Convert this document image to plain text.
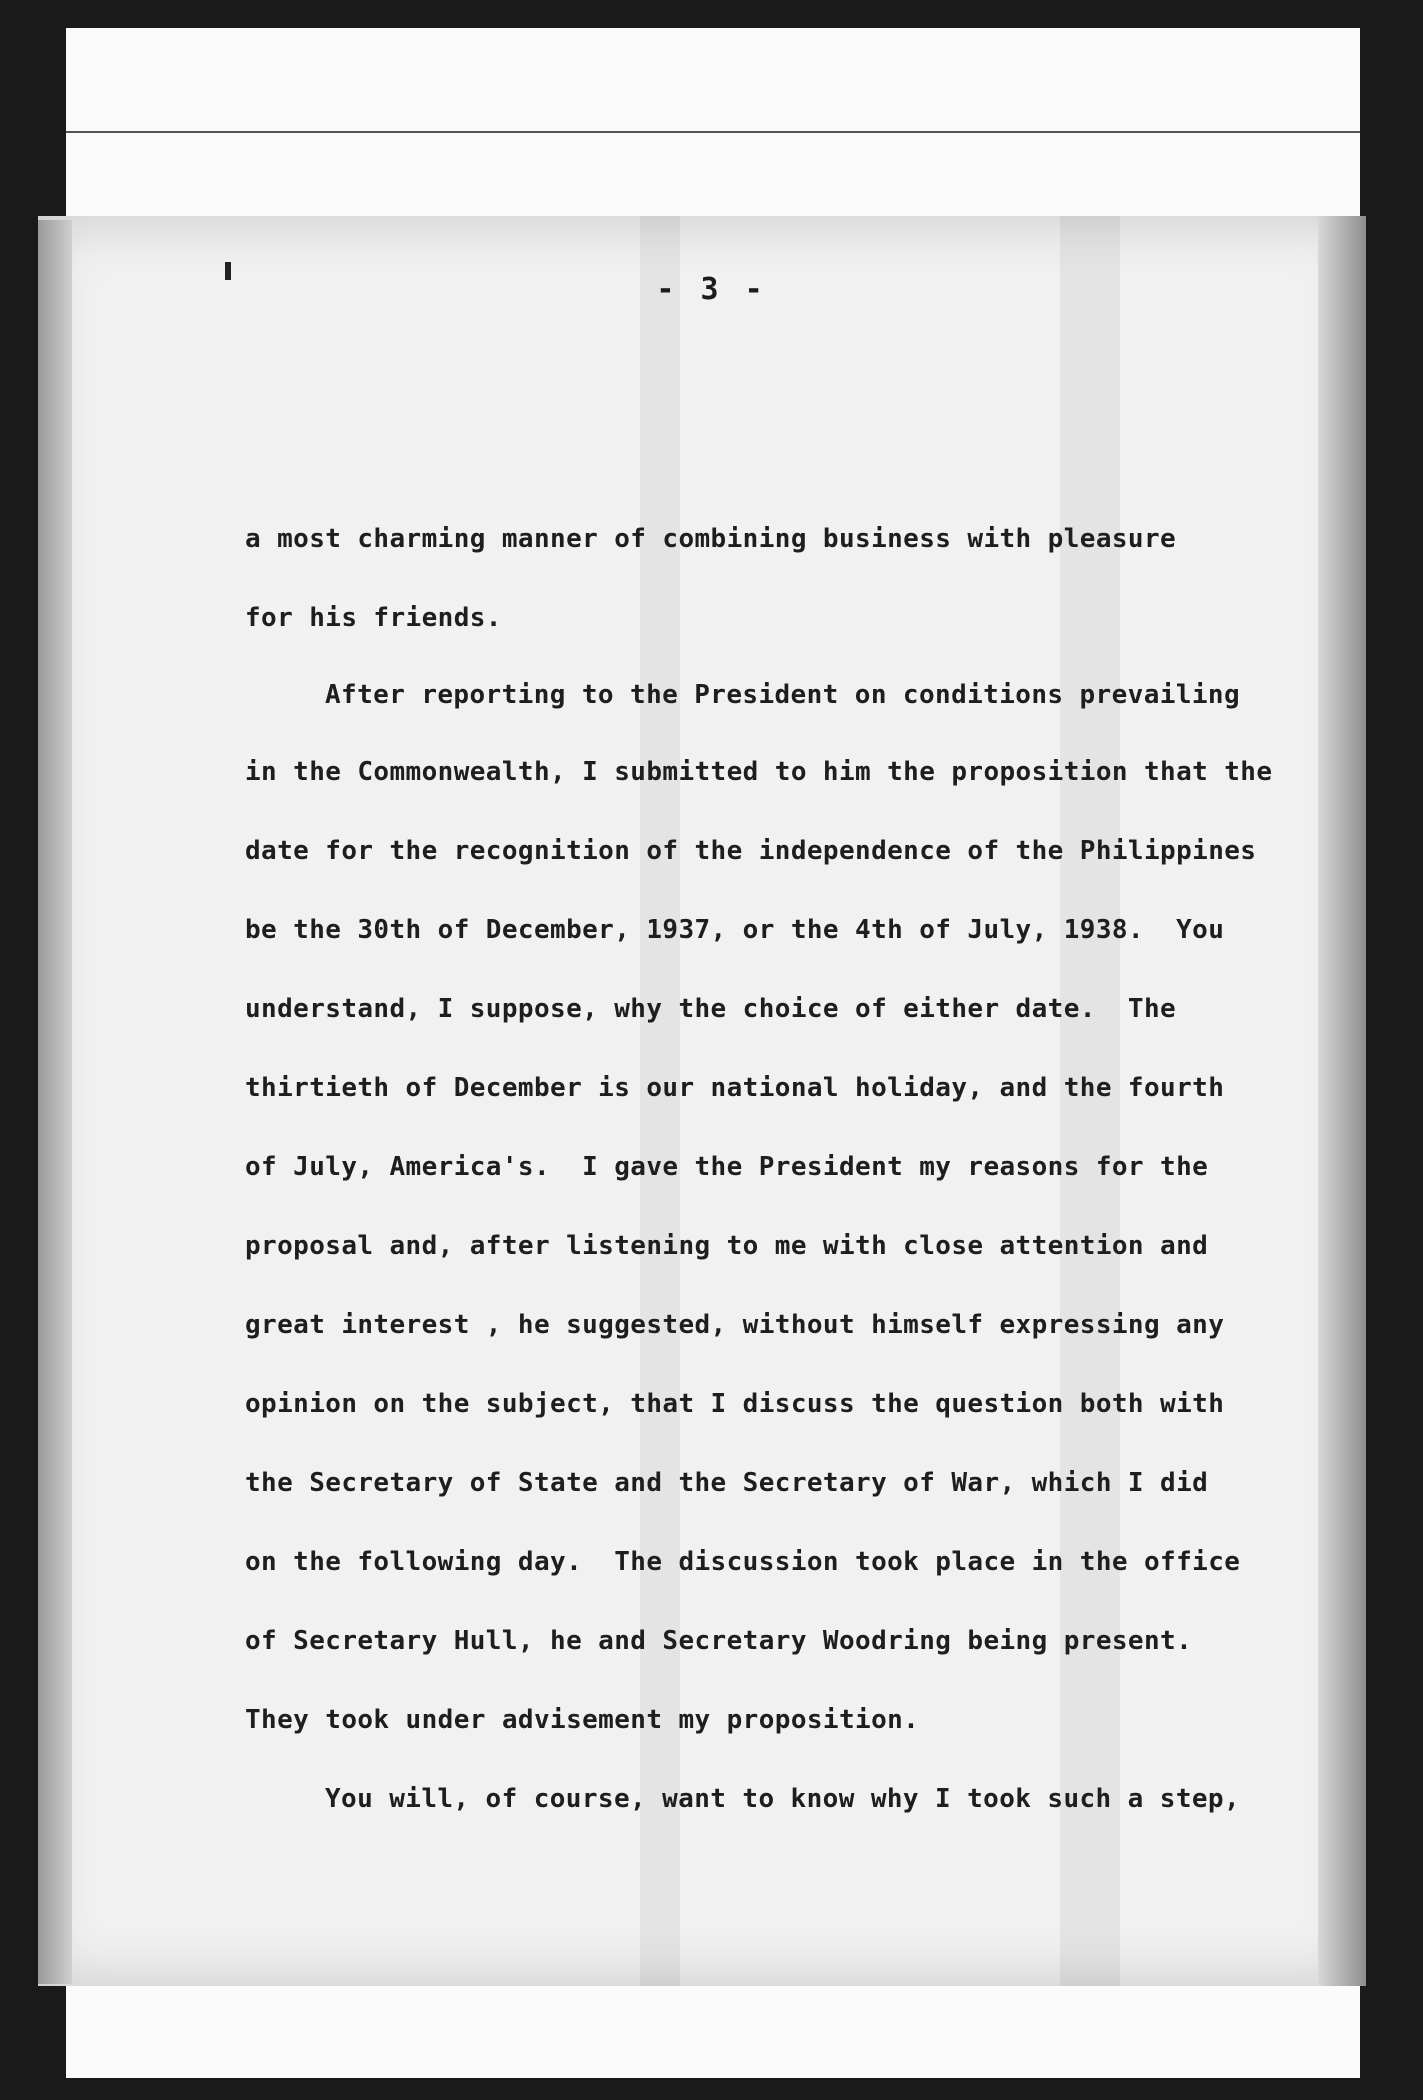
- 3 -
a most charming manner of combining business with pleasure
for his friends.
After reporting to the President on conditions prevailing
in the Commonwealth, I submitted to him the proposition that the
date for the recognition of the independence of the Philippines
be the 30th of December, 1937, or the 4th of July, 1938.  You
understand, I suppose, why the choice of either date.  The
thirtieth of December is our national holiday, and the fourth
of July, America's.  I gave the President my reasons for the
proposal and, after listening to me with close attention and
great interest , he suggested, without himself expressing any
opinion on the subject, that I discuss the question both with
the Secretary of State and the Secretary of War, which I did
on the following day.  The discussion took place in the office
of Secretary Hull, he and Secretary Woodring being present.
They took under advisement my proposition.
You will, of course, want to know why I took such a step,
